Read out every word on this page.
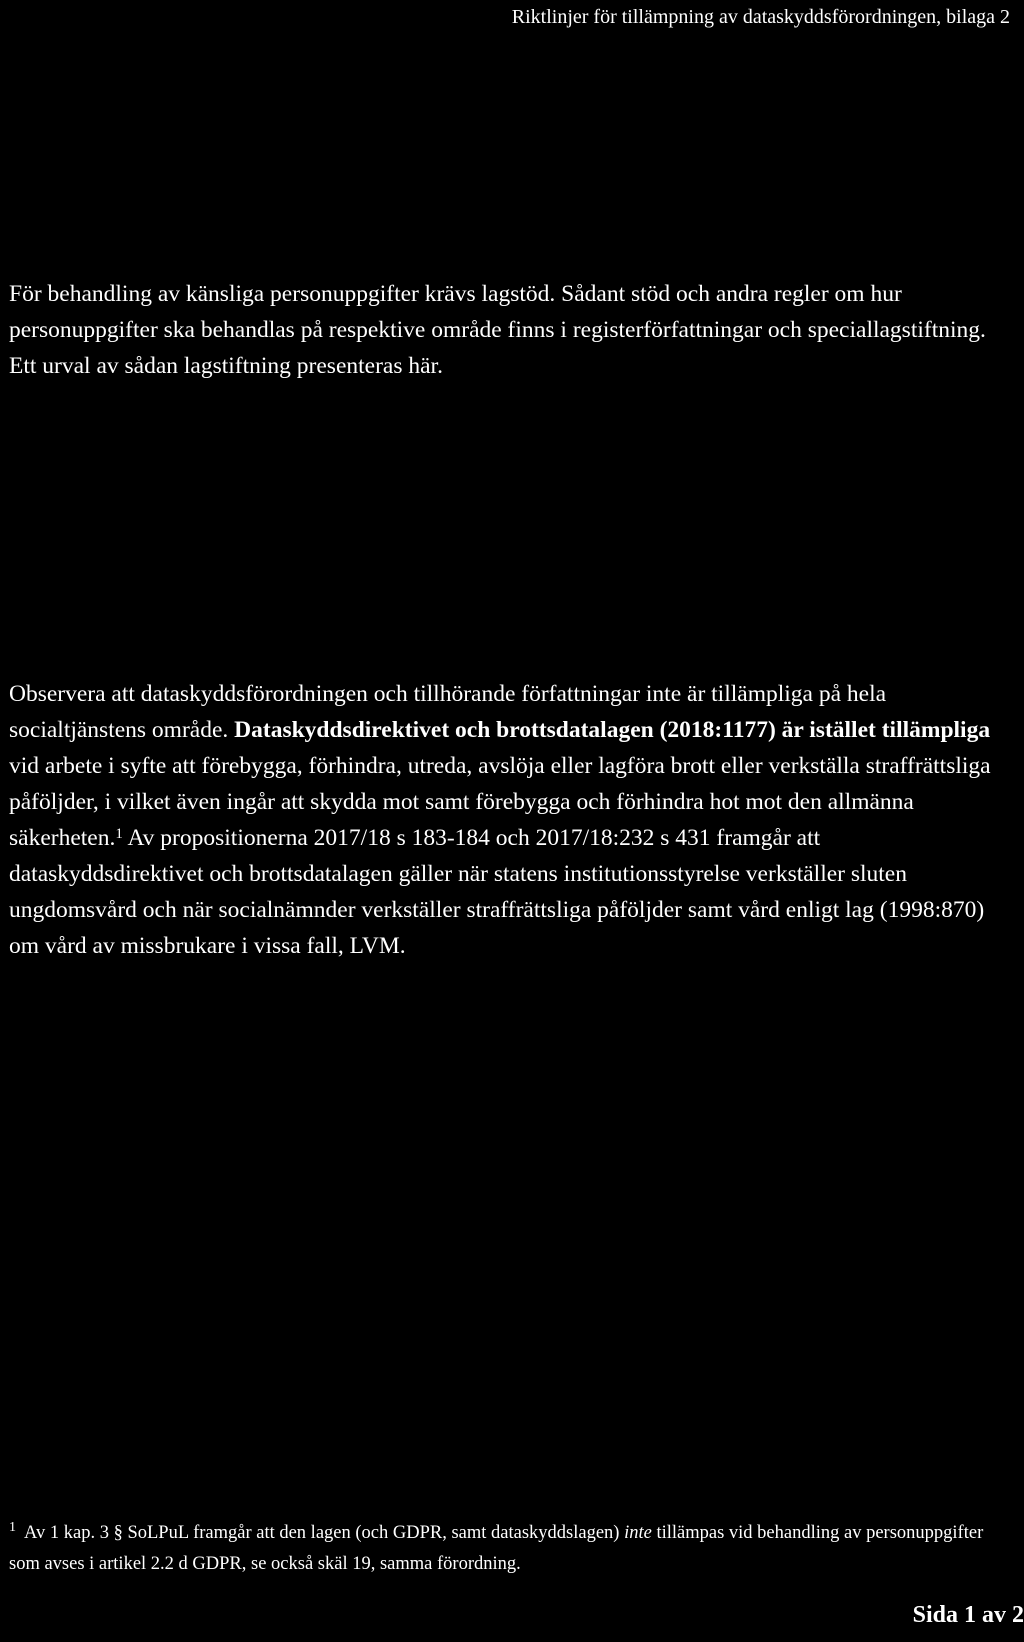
Riktlinjer för tillämpning av dataskyddsförordningen, bilaga 2

För behandling av känsliga personuppgifter krävs lagstöd. Sådant stöd och andra regler om hur personuppgifter ska behandlas på respektive område finns i registerförfattningar och speciallagstiftning. Ett urval av sådan lagstiftning presenteras här.

Observera att dataskyddsförordningen och tillhörande författningar inte är tillämpliga på hela socialtjänstens område. Dataskyddsdirektivet och brottsdatalagen (2018:1177) är istället tillämpliga vid arbete i syfte att förebygga, förhindra, utreda, avslöja eller lagföra brott eller verkställa straffrättsliga påföljder, i vilket även ingår att skydda mot samt förebygga och förhindra hot mot den allmänna säkerheten.$^1$ Av propositionerna 2017/18 s 183-184 och 2017/18:232 s 431 framgår att dataskyddsdirektivet och brottsdatalagen gäller när statens institutionsstyrelse verkställer sluten ungdomsvård och när socialnämnder verkställer straffrättsliga påföljder samt vård enligt lag (1998:870) om vård av missbrukare i vissa fall, LVM.

$^1$ Av 1 kap. 3 § SoLPuL framgår att den lagen (och GDPR, samt dataskyddslagen) inte tillämpas vid behandling av personuppgifter som avses i artikel 2.2 d GDPR, se också skäl 19, samma förordning.

Sida 1 av 2
